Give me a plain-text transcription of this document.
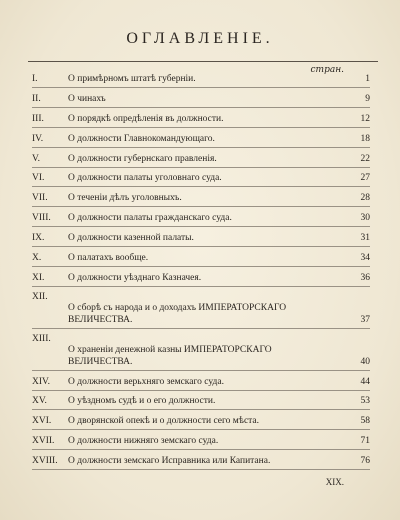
ОГЛАВЛЕНІЕ.
стран.
I.	О примѣрномъ штатѣ губерніи.	1
II.	О чинахъ	9
III.	О порядкѣ опредѣленія въ должности.	12
IV.	О должности Главнокомандующаго.	18
V.	О должности губернскаго правленія.	22
VI.	О должности палаты уголовнаго суда.	27
VII.	О теченіи дѣлъ уголовныхъ.	28
VIII.	О должности палаты гражданскаго суда.	30
IX.	О должности казенной палаты.	31
X.	О палатахъ вообще.	34
XI.	О должности уѣзднаго Казначея.	36
XII.
О сборѣ съ народа и о доходахъ ИМПЕРАТОРСКАГО
ВЕЛИЧЕСТВА.	37
XIII.
О храненіи денежной казны ИМПЕРАТОРСКАГО
ВЕЛИЧЕСТВА.	40
XIV.	О должности верьхняго земскаго суда.	44
XV.	О уѣздномъ судѣ и о его должности.	53
XVI.	О дворянской опекѣ и о должности сего мѣста.	58
XVII.	О должности нижняго земскаго суда.	71
XVIII.	О должности земскаго Исправника или Капитана.	76
XIX.
